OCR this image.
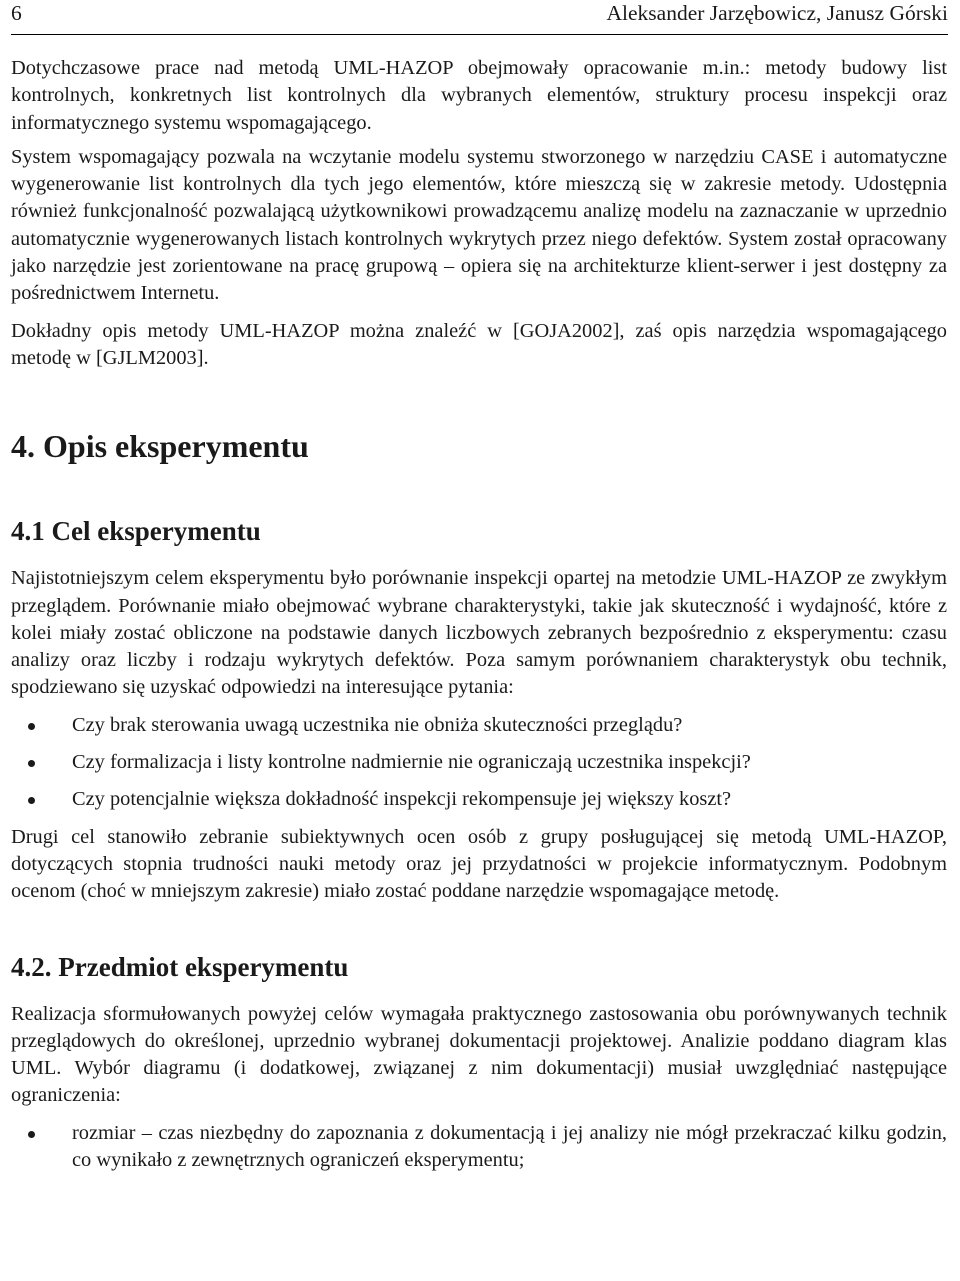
6	Aleksander Jarzębowicz, Janusz Górski

Dotychczasowe prace nad metodą UML-HAZOP obejmowały opracowanie m.in.: metody budowy list kontrolnych, konkretnych list kontrolnych dla wybranych elementów, struktury procesu inspekcji oraz informatycznego systemu wspomagającego.

System wspomagający pozwala na wczytanie modelu systemu stworzonego w narzędziu CASE i automatyczne wygenerowanie list kontrolnych dla tych jego elementów, które mieszczą się w zakresie metody. Udostępnia również funkcjonalność pozwalającą użytkownikowi prowadzącemu analizę modelu na zaznaczanie w uprzednio automatycznie wygenerowanych listach kontrolnych wykrytych przez niego defektów. System został opracowany jako narzędzie jest zorientowane na pracę grupową – opiera się na architekturze klient-serwer i jest dostępny za pośrednictwem Internetu.

Dokładny opis metody UML-HAZOP można znaleźć w [GOJA2002], zaś opis narzędzia wspomagającego metodę w [GJLM2003].

4. Opis eksperymentu
4.1 Cel eksperymentu

Najistotniejszym celem eksperymentu było porównanie inspekcji opartej na metodzie UML-HAZOP ze zwykłym przeglądem. Porównanie miało obejmować wybrane charakterystyki, takie jak skuteczność i wydajność, które z kolei miały zostać obliczone na podstawie danych liczbowych zebranych bezpośrednio z eksperymentu: czasu analizy oraz liczby i rodzaju wykrytych defektów. Poza samym porównaniem charakterystyk obu technik, spodziewano się uzyskać odpowiedzi na interesujące pytania:

Czy brak sterowania uwagą uczestnika nie obniża skuteczności przeglądu?
Czy formalizacja i listy kontrolne nadmiernie nie ograniczają uczestnika inspekcji?
Czy potencjalnie większa dokładność inspekcji rekompensuje jej większy koszt?

Drugi cel stanowiło zebranie subiektywnych ocen osób z grupy posługującej się metodą UML-HAZOP, dotyczących stopnia trudności nauki metody oraz jej przydatności w projekcie informatycznym. Podobnym ocenom (choć w mniejszym zakresie) miało zostać poddane narzędzie wspomagające metodę.

4.2. Przedmiot eksperymentu

Realizacja sformułowanych powyżej celów wymagała praktycznego zastosowania obu porównywanych technik przeglądowych do określonej, uprzednio wybranej dokumentacji projektowej. Analizie poddano diagram klas UML. Wybór diagramu (i dodatkowej, związanej z nim dokumentacji) musiał uwzględniać następujące ograniczenia:

rozmiar – czas niezbędny do zapoznania z dokumentacją i jej analizy nie mógł przekraczać kilku godzin, co wynikało z zewnętrznych ograniczeń eksperymentu;
